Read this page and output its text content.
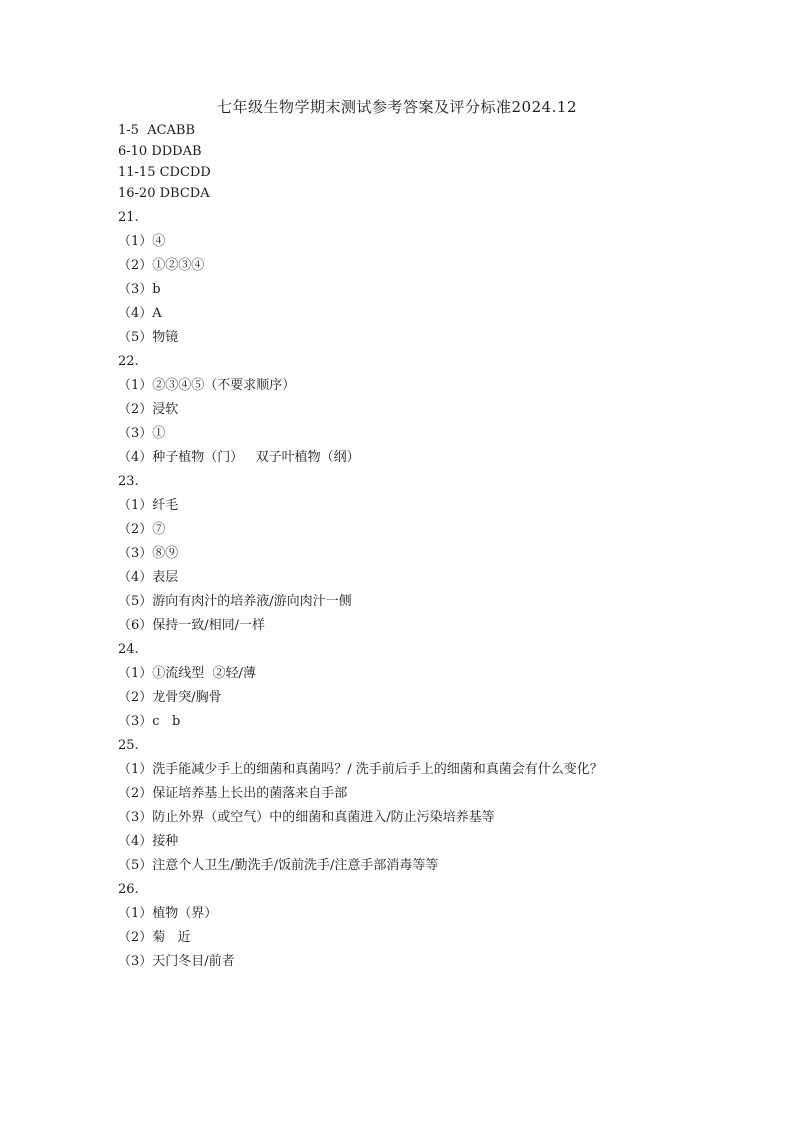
七年级生物学期末测试参考答案及评分标准2024.12
1-5  ACABB
6-10 DDDAB
11-15 CDCDD
16-20 DBCDA
21.
（1）④
（2）①②③④
（3）b
（4）A
（5）物镜
22.
（1）②③④⑤（不要求顺序）
（2）浸软
（3）①
（4）种子植物（门）   双子叶植物（纲）
23.
（1）纤毛
（2）⑦
（3）⑧⑨
（4）表层
（5）游向有肉汁的培养液/游向肉汁一侧
（6）保持一致/相同/一样
24.
（1）①流线型  ②轻/薄
（2）龙骨突/胸骨
（3）c   b
25.
（1）洗手能减少手上的细菌和真菌吗？/ 洗手前后手上的细菌和真菌会有什么变化？
（2）保证培养基上长出的菌落来自手部
（3）防止外界（或空气）中的细菌和真菌进入/防止污染培养基等
（4）接种
（5）注意个人卫生/勤洗手/饭前洗手/注意手部消毒等等
26.
（1）植物（界）
（2）菊   近
（3）天门冬目/前者
